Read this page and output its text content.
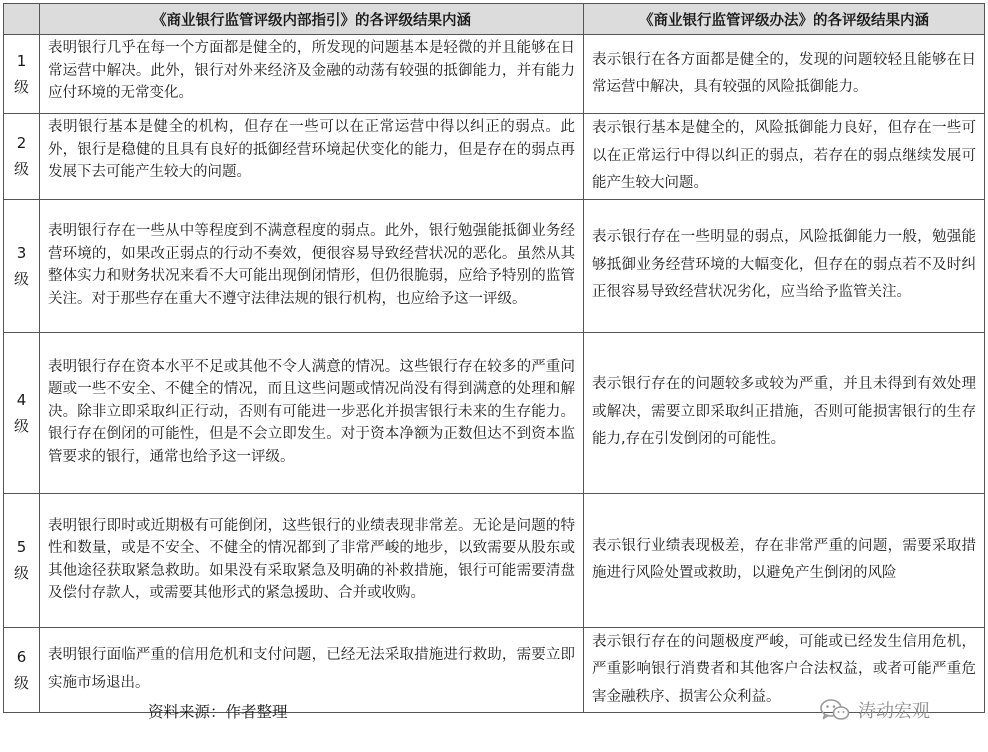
	《商业银行监管评级内部指引》的各评级结果内涵	《商业银行监管评级办法》的各评级结果内涵
1级	表明银行几乎在每一个方面都是健全的，所发现的问题基本是轻微的并且能够在日常运营中解决。此外，银行对外来经济及金融的动荡有较强的抵御能力，并有能力应付环境的无常变化。	表示银行在各方面都是健全的，发现的问题较轻且能够在日常运营中解决，具有较强的风险抵御能力。
2级	表明银行基本是健全的机构，但存在一些可以在正常运营中得以纠正的弱点。此外，银行是稳健的且具有良好的抵御经营环境起伏变化的能力，但是存在的弱点再发展下去可能产生较大的问题。	表示银行基本是健全的，风险抵御能力良好，但存在一些可以在正常运行中得以纠正的弱点，若存在的弱点继续发展可能产生较大问题。
3级	表明银行存在一些从中等程度到不满意程度的弱点。此外，银行勉强能抵御业务经营环境的，如果改正弱点的行动不奏效，便很容易导致经营状况的恶化。虽然从其整体实力和财务状况来看不大可能出现倒闭情形，但仍很脆弱，应给予特别的监管关注。对于那些存在重大不遵守法律法规的银行机构，也应给予这一评级。	表示银行存在一些明显的弱点，风险抵御能力一般，勉强能够抵御业务经营环境的大幅变化，但存在的弱点若不及时纠正很容易导致经营状况劣化，应当给予监管关注。
4级	表明银行存在资本水平不足或其他不令人满意的情况。这些银行存在较多的严重问题或一些不安全、不健全的情况，而且这些问题或情况尚没有得到满意的处理和解决。除非立即采取纠正行动，否则有可能进一步恶化并损害银行未来的生存能力。银行存在倒闭的可能性，但是不会立即发生。对于资本净额为正数但达不到资本监管要求的银行，通常也给予这一评级。	表示银行存在的问题较多或较为严重，并且未得到有效处理或解决，需要立即采取纠正措施，否则可能损害银行的生存能力,存在引发倒闭的可能性。
5级	表明银行即时或近期极有可能倒闭，这些银行的业绩表现非常差。无论是问题的特性和数量，或是不安全、不健全的情况都到了非常严峻的地步，以致需要从股东或其他途径获取紧急救助。如果没有采取紧急及明确的补救措施，银行可能需要清盘及偿付存款人，或需要其他形式的紧急援助、合并或收购。	表示银行业绩表现极差，存在非常严重的问题，需要采取措施进行风险处置或救助，以避免产生倒闭的风险
6级	表明银行面临严重的信用危机和支付问题，已经无法采取措施进行救助，需要立即实施市场退出。	表示银行存在的问题极度严峻，可能或已经发生信用危机，严重影响银行消费者和其他客户合法权益，或者可能严重危害金融秩序、损害公众利益。
资料来源：作者整理	涛动宏观
